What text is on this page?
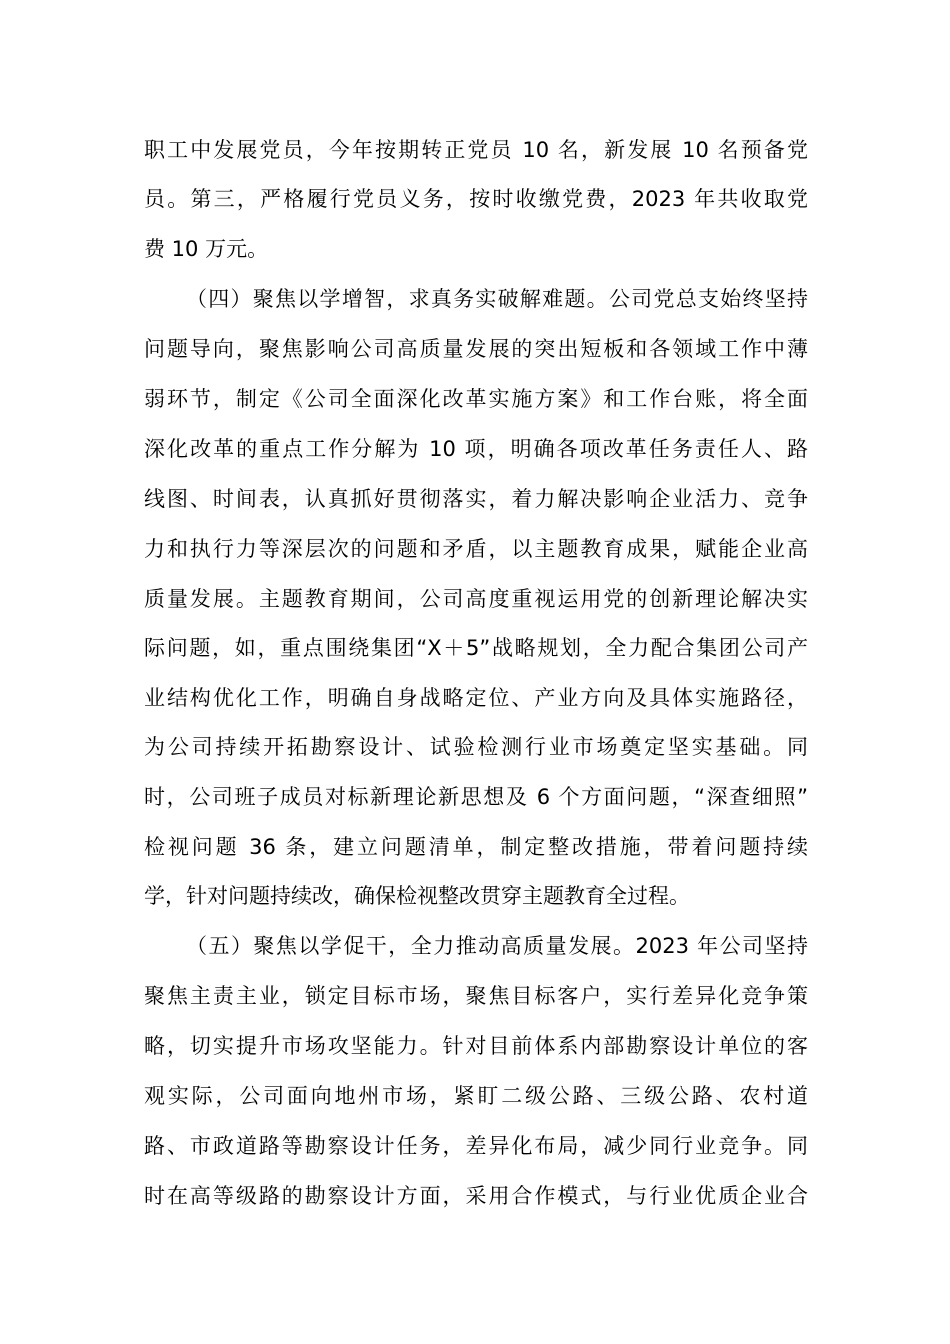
职工中发展党员，今年按期转正党员 10 名，新发展 10 名预备党
员。第三，严格履行党员义务，按时收缴党费，2023 年共收取党
费 10 万元。
（四）聚焦以学增智，求真务实破解难题。公司党总支始终坚持
问题导向，聚焦影响公司高质量发展的突出短板和各领域工作中薄
弱环节，制定《公司全面深化改革实施方案》和工作台账，将全面
深化改革的重点工作分解为 10 项，明确各项改革任务责任人、路
线图、时间表，认真抓好贯彻落实，着力解决影响企业活力、竞争
力和执行力等深层次的问题和矛盾，以主题教育成果，赋能企业高
质量发展。主题教育期间，公司高度重视运用党的创新理论解决实
际问题，如，重点围绕集团“X＋5”战略规划，全力配合集团公司产
业结构优化工作，明确自身战略定位、产业方向及具体实施路径，
为公司持续开拓勘察设计、试验检测行业市场奠定坚实基础。同
时，公司班子成员对标新理论新思想及 6 个方面问题，“深查细照”
检视问题 36 条，建立问题清单，制定整改措施，带着问题持续
学，针对问题持续改，确保检视整改贯穿主题教育全过程。
（五）聚焦以学促干，全力推动高质量发展。2023 年公司坚持
聚焦主责主业，锁定目标市场，聚焦目标客户，实行差异化竞争策
略，切实提升市场攻坚能力。针对目前体系内部勘察设计单位的客
观实际，公司面向地州市场，紧盯二级公路、三级公路、农村道
路、市政道路等勘察设计任务，差异化布局，减少同行业竞争。同
时在高等级路的勘察设计方面，采用合作模式，与行业优质企业合
